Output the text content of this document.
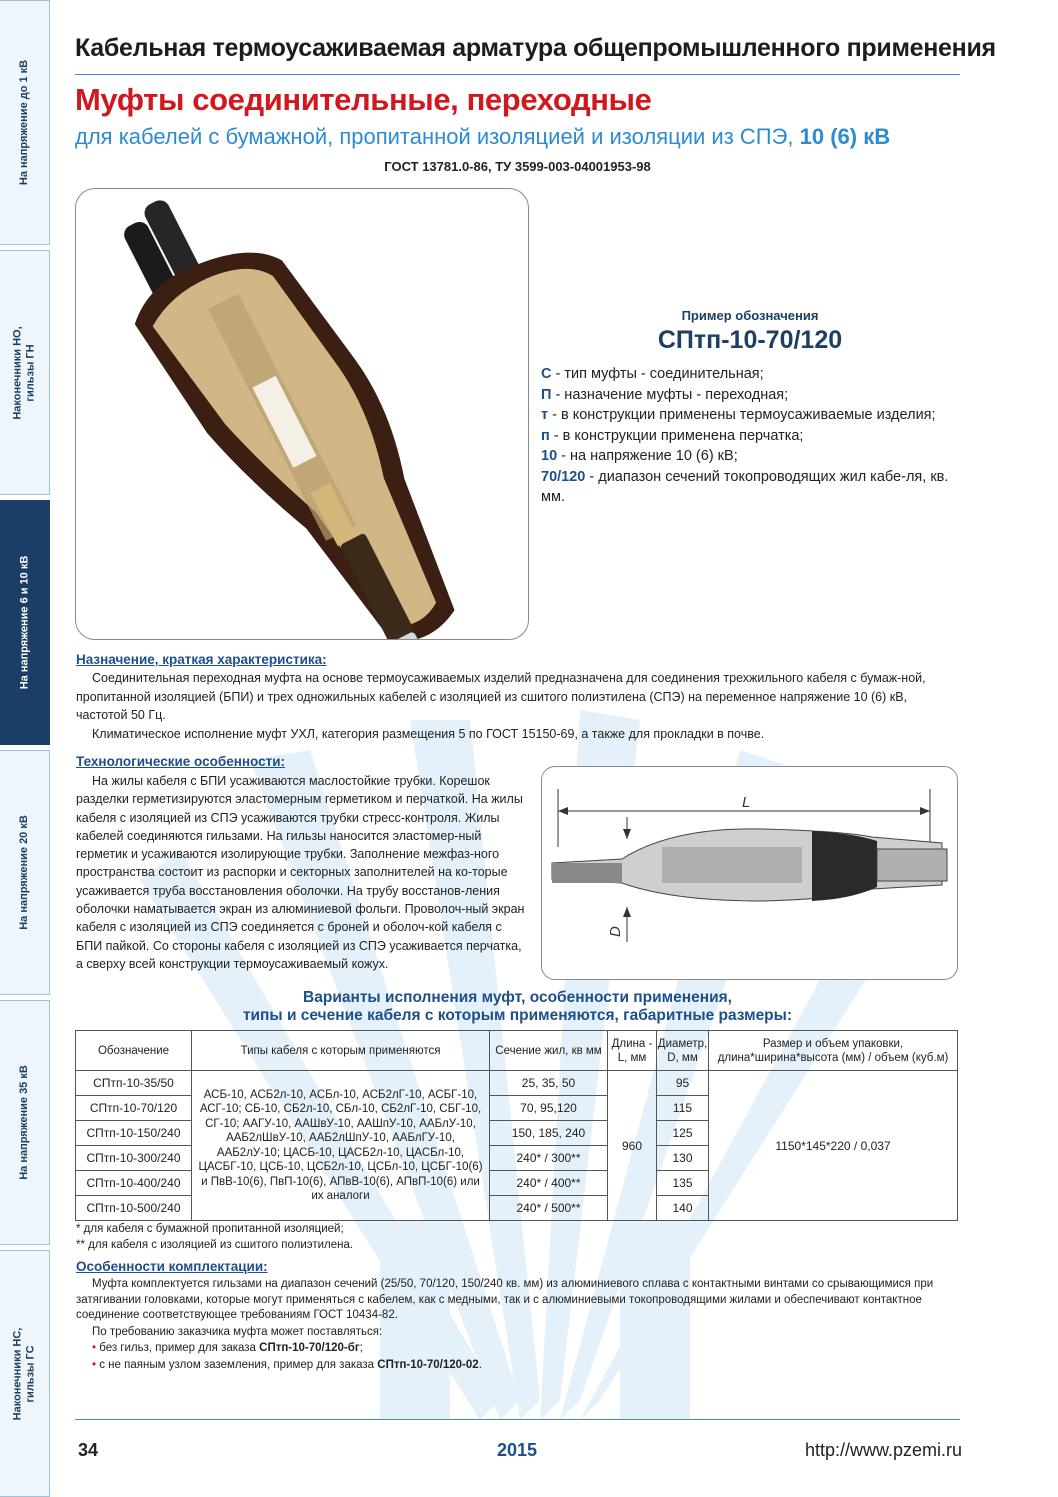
На напряжение до 1 кВ
Наконечники НО, гильзы ГН
На напряжение 6 и 10 кВ
На напряжение 20 кВ
На напряжение 35 кВ
Наконечники НС, гильзы ГС
Кабельная термоусаживаемая арматура общепромышленного применения
Муфты соединительные, переходные
для кабелей с бумажной, пропитанной изоляцией и изоляции из СПЭ, 10 (6) кВ
ГОСТ 13781.0-86, ТУ 3599-003-04001953-98
Пример обозначения
СПтп-10-70/120
С - тип муфты - соединительная;
П - назначение муфты - переходная;
т - в конструкции применены термоусаживаемые изделия;
п - в конструкции применена перчатка;
10 - на напряжение 10 (6) кВ;
70/120 - диапазон сечений токопроводящих жил кабе-ля, кв. мм.
Назначение, краткая характеристика:
Соединительная переходная муфта на основе термоусаживаемых изделий предназначена для соединения трехжильного кабеля с бумаж-ной, пропитанной изоляцией (БПИ) и трех одножильных кабелей с изоляцией из сшитого полиэтилена (СПЭ) на переменное напряжение 10 (6) кВ, частотой 50 Гц.
Климатическое исполнение муфт УХЛ, категория размещения 5 по ГОСТ 15150-69, а также для прокладки в почве.
Технологические особенности:
На жилы кабеля с БПИ усаживаются маслостойкие трубки. Корешок разделки герметизируются эластомерным герметиком и перчаткой. На жилы кабеля с изоляцией из СПЭ усаживаются трубки стресс-контроля. Жилы кабелей соединяются гильзами. На гильзы наносится эластомер-ный герметик и усаживаются изолирующие трубки. Заполнение межфаз-ного пространства состоит из распорки и секторных заполнителей на ко-торые усаживается труба восстановления оболочки. На трубу восстанов-ления оболочки наматывается экран из алюминиевой фольги. Проволоч-ный экран кабеля с изоляцией из СПЭ соединяется с броней и оболоч-кой кабеля с БПИ пайкой. Со стороны кабеля с изоляцией из СПЭ усаживается перчатка, а сверху всей конструкции термоусаживаемый кожух.
L
D
Варианты исполнения муфт, особенности применения,
типы и сечение кабеля с которым применяются, габаритные размеры:
Обозначение	Типы кабеля с которым применяются	Сечение жил, кв мм	Длина - L, мм	Диаметр, D, мм	Размер и объем упаковки, длина*ширина*высота (мм) / объем (куб.м)
СПтп-10-35/50	АСБ-10, АСБ2л-10, АСБл-10, АСБ2лГ-10, АСБГ-10, АСГ-10; СБ-10, СБ2л-10, СБл-10, СБ2лГ-10, СБГ-10, СГ-10; ААГУ-10, ААШвУ-10, ААШпУ-10, ААБлУ-10, ААБ2лШвУ-10, ААБ2лШпУ-10, ААБлГУ-10, ААБ2лУ-10; ЦАСБ-10, ЦАСБ2л-10, ЦАСБл-10, ЦАСБГ-10, ЦСБ-10, ЦСБ2л-10, ЦСБл-10, ЦСБГ-10(6) и ПвВ-10(6), ПвП-10(6), АПвВ-10(6), АПвП-10(6) или их аналоги	25, 35, 50	960	95	1150*145*220 / 0,037
СПтп-10-70/120		70, 95,120		115	
СПтп-10-150/240		150, 185, 240		125	
СПтп-10-300/240		240* / 300**		130	
СПтп-10-400/240		240* / 400**		135	
СПтп-10-500/240		240* / 500**		140	
* для кабеля с бумажной пропитанной изоляцией;
** для кабеля с изоляцией из сшитого полиэтилена.
Особенности комплектации:
Муфта комплектуется гильзами на диапазон сечений (25/50, 70/120, 150/240 кв. мм) из алюминиевого сплава с контактными винтами со срывающимися при затягивании головками, которые могут применяться с кабелем, как с медными, так и с алюминиевыми токопроводящими жилами и обеспечивают контактное соединение соответствующее требованиям ГОСТ 10434-82.
По требованию заказчика муфта может поставляться:
• без гильз, пример для заказа СПтп-10-70/120-бг;
• с не паяным узлом заземления, пример для заказа СПтп-10-70/120-02.
34	2015	http://www.pzemi.ru
